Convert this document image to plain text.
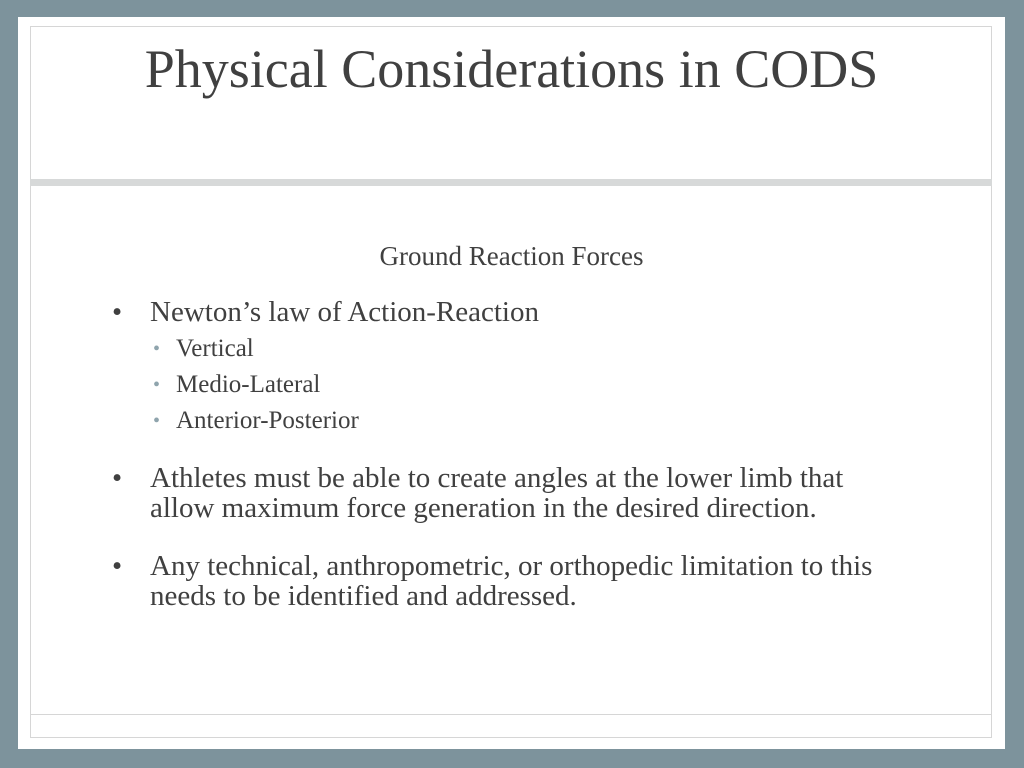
Physical Considerations in CODS
Ground Reaction Forces
• Newton’s law of Action-Reaction
• Vertical
• Medio-Lateral
• Anterior-Posterior
• Athletes must be able to create angles at the lower limb that allow maximum force generation in the desired direction.
• Any technical, anthropometric, or orthopedic limitation to this needs to be identified and addressed.
